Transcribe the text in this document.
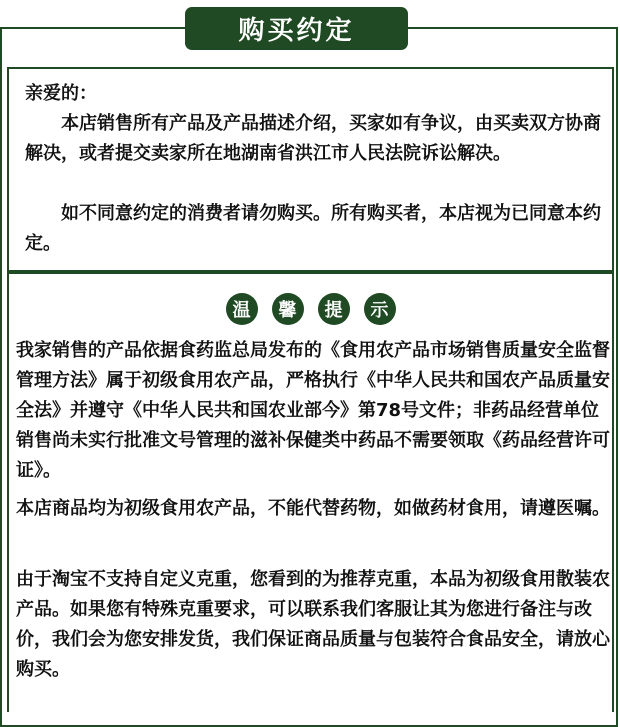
购买约定
亲爱的：
本店销售所有产品及产品描述介绍，买家如有争议，由买卖双方协商解决，或者提交卖家所在地湖南省洪江市人民法院诉讼解决。
如不同意约定的消费者请勿购买。所有购买者，本店视为已同意本约定。
温	馨	提	示
我家销售的产品依据食药监总局发布的《食用农产品市场销售质量安全监督管理方法》属于初级食用农产品，严格执行《中华人民共和国农产品质量安全法》并遵守《中华人民共和国农业部今》第78号文件；非药品经营单位销售尚未实行批准文号管理的滋补保健类中药品不需要领取《药品经营许可证》。
本店商品均为初级食用农产品，不能代替药物，如做药材食用，请遵医嘱。
由于淘宝不支持自定义克重，您看到的为推荐克重，本品为初级食用散装农产品。如果您有特殊克重要求，可以联系我们客服让其为您进行备注与改价，我们会为您安排发货，我们保证商品质量与包装符合食品安全，请放心购买。
